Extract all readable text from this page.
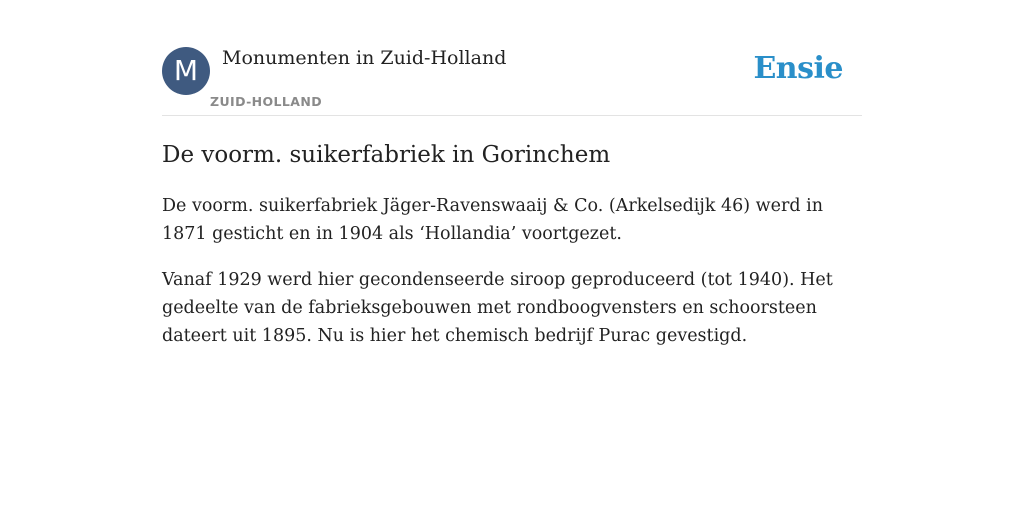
M	Monumenten in Zuid-Holland
ZUID-HOLLAND
Ensie
De voorm. suikerfabriek in Gorinchem

De voorm. suikerfabriek Jäger-Ravenswaaij & Co. (Arkelsedijk 46) werd in 1871 gesticht en in 1904 als ‘Hollandia’ voortgezet.

Vanaf 1929 werd hier gecondenseerde siroop geproduceerd (tot 1940). Het gedeelte van de fabrieksgebouwen met rondboogvensters en schoorsteen dateert uit 1895. Nu is hier het chemisch bedrijf Purac gevestigd.
